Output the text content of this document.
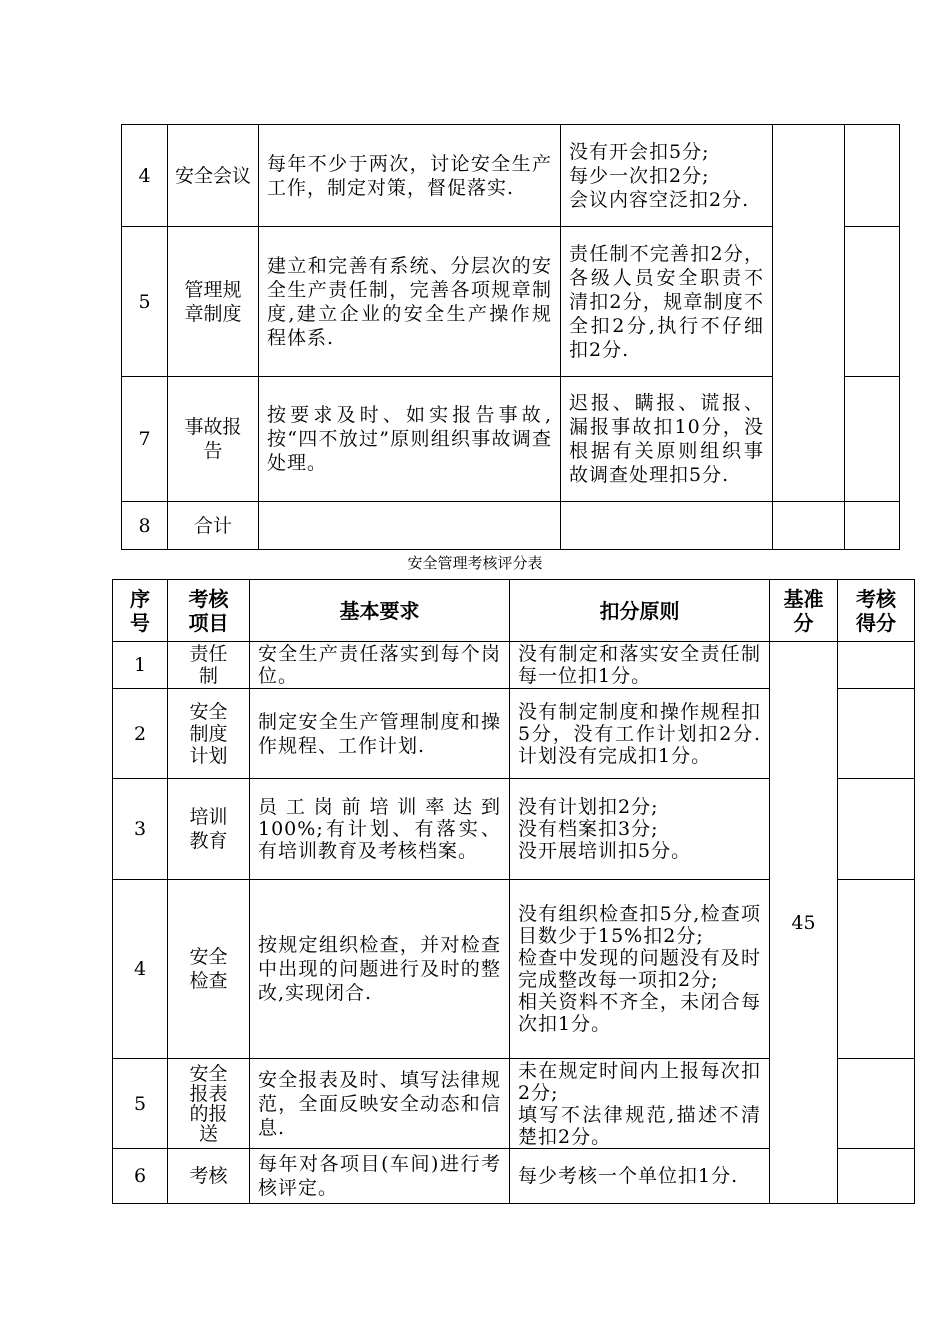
4	安全会议	每年不少于两次，讨论安全生产工作，制定对策，督促落实.	没有开会扣5分;
每少一次扣2分;
会议内容空泛扣2分.		
5	管理规章制度	建立和完善有系统、分层次的安全生产责任制，完善各项规章制度,建立企业的安全生产操作规程体系.	责任制不完善扣2分，各级人员安全职责不清扣2分，规章制度不全扣2分,执行不仔细扣2分.		
7	事故报告	按要求及时、如实报告事故,按“四不放过”原则组织事故调查处理。	迟报、瞒报、谎报、漏报事故扣10分，没根据有关原则组织事故调查处理扣5分.		
8	合计				
安全管理考核评分表
序
号	考核
项目	基本要求	扣分原则	基准
分	考核
得分
1	责任
制	安全生产责任落实到每个岗位。	没有制定和落实安全责任制每一位扣1分。	45	
2	安全
制度
计划	制定安全生产管理制度和操作规程、工作计划.	没有制定制度和操作规程扣5分，没有工作计划扣2分.计划没有完成扣1分。		
3	培训
教育	员工岗前培训率达到100%;有计划、有落实、有培训教育及考核档案。	没有计划扣2分;
没有档案扣3分;
没开展培训扣5分。		
4	安全
检查	按规定组织检查，并对检查中出现的问题进行及时的整改,实现闭合.	没有组织检查扣5分,检查项目数少于15%扣2分;
检查中发现的问题没有及时完成整改每一项扣2分;
相关资料不齐全，未闭合每次扣1分。		
5	安全
报表
的报
送	安全报表及时、填写法律规范，全面反映安全动态和信息.	未在规定时间内上报每次扣2分;
填写不法律规范,描述不清楚扣2分。		
6	考核	每年对各项目(车间)进行考核评定。	每少考核一个单位扣1分.		
